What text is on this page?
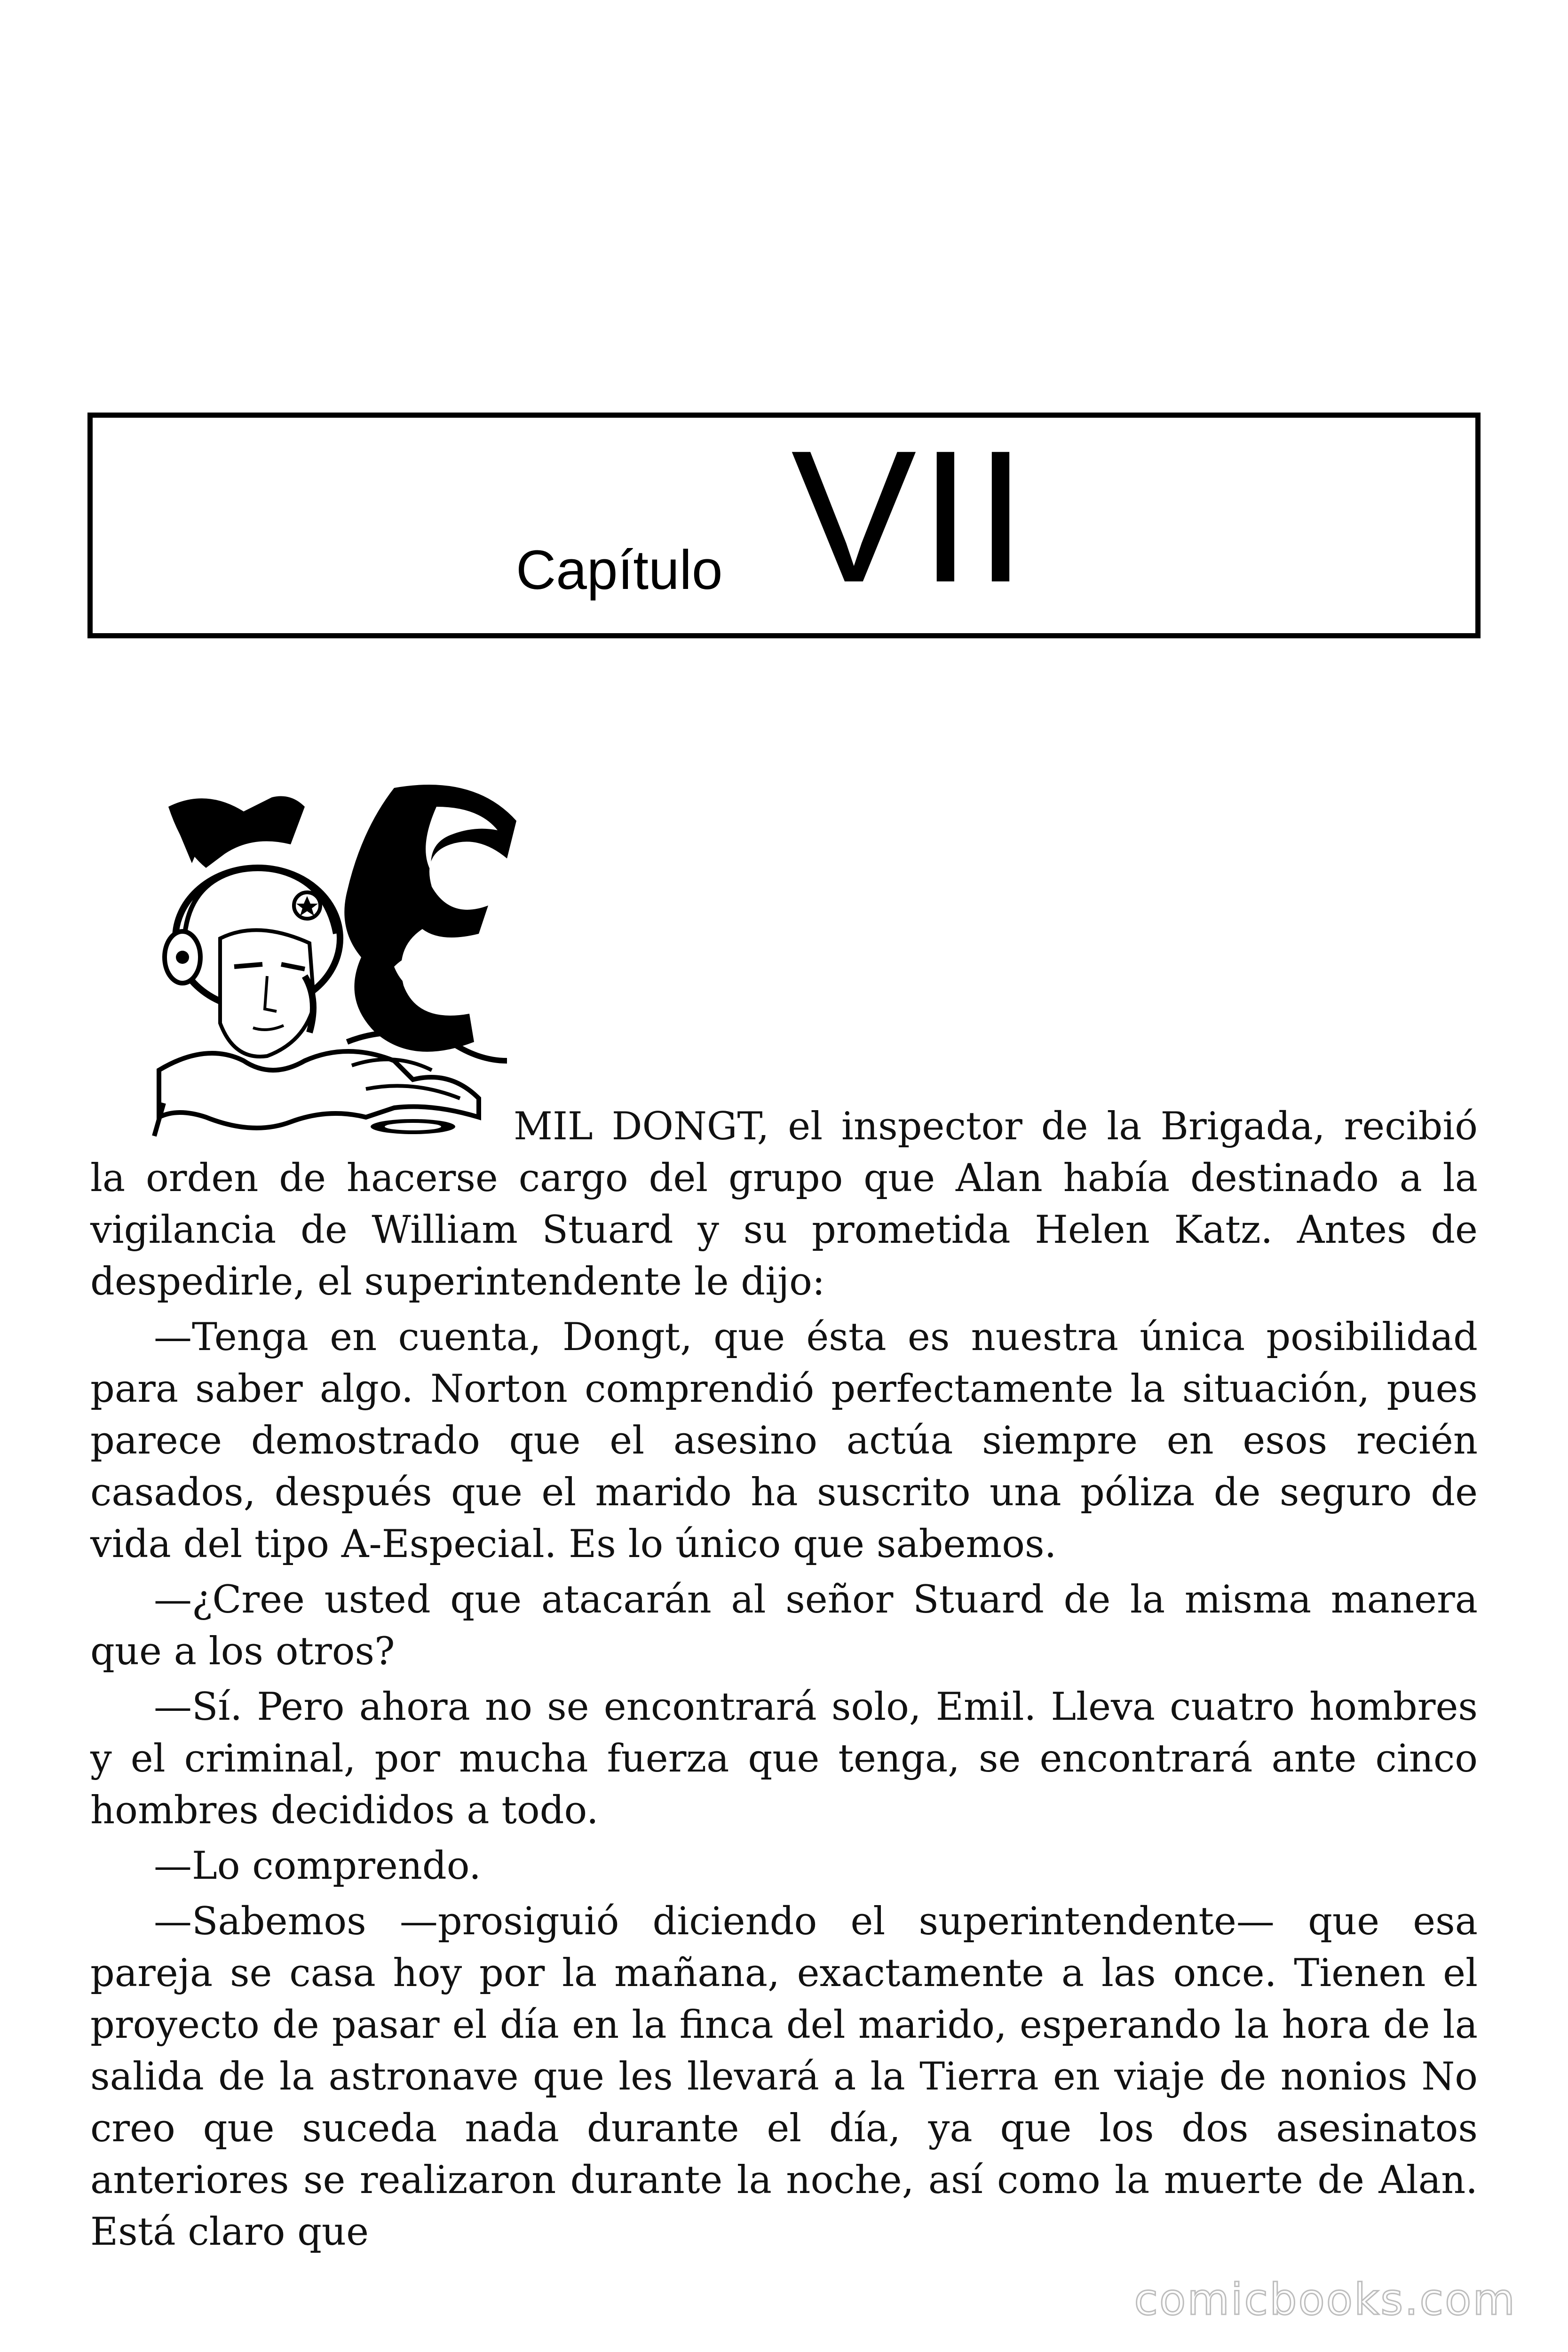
Capítulo VII

MIL DONGT, el inspector de la Brigada, recibió la orden de hacerse cargo del grupo que Alan había destinado a la vigilancia de William Stuard y su prometida Helen Katz. Antes de despedirle, el superintendente le dijo:

—Tenga en cuenta, Dongt, que ésta es nuestra única posibilidad para saber algo. Norton comprendió perfectamente la situación, pues parece demostrado que el asesino actúa siempre en esos recién casados, después que el marido ha suscrito una póliza de seguro de vida del tipo A-Especial. Es lo único que sabemos.

—¿Cree usted que atacarán al señor Stuard de la misma manera que a los otros?

—Sí. Pero ahora no se encontrará solo, Emil. Lleva cuatro hombres y el criminal, por mucha fuerza que tenga, se encontrará ante cinco hombres decididos a todo.

—Lo comprendo.

—Sabemos —prosiguió diciendo el superintendente— que esa pareja se casa hoy por la mañana, exactamente a las once. Tienen el proyecto de pasar el día en la finca del marido, esperando la hora de la salida de la astronave que les llevará a la Tierra en viaje de nonios No creo que suceda nada durante el día, ya que los dos asesinatos anteriores se realizaron durante la noche, así como la muerte de Alan. Está claro que

comicbooks.com
